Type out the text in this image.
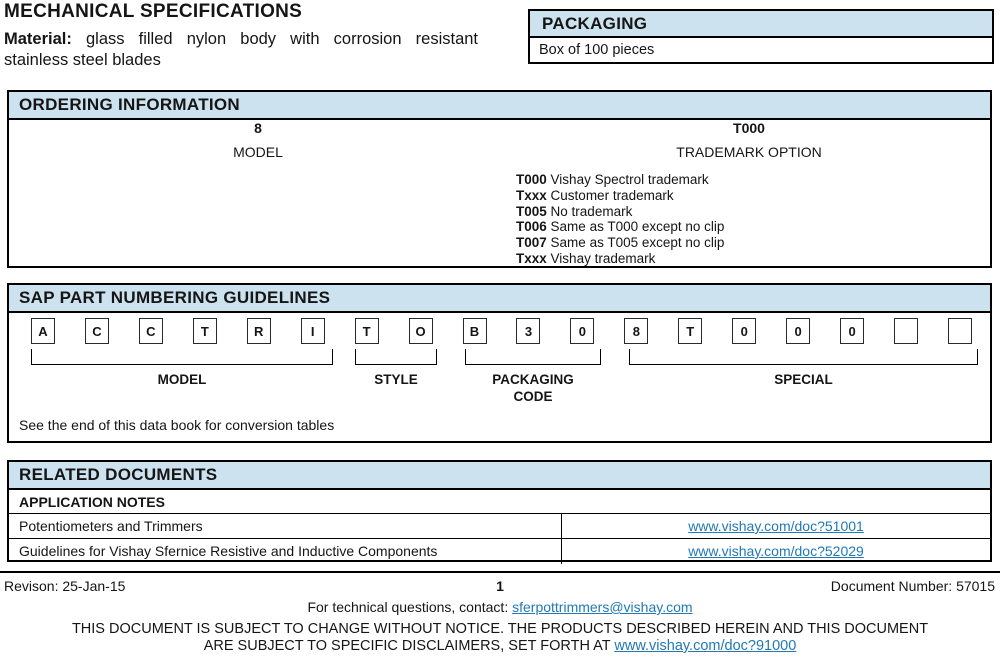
MECHANICAL SPECIFICATIONS
Material: glass filled nylon body with corrosion resistant stainless steel blades
PACKAGING
Box of 100 pieces
ORDERING INFORMATION
8
MODEL
T000
TRADEMARK OPTION
T000 Vishay Spectrol trademark
Txxx Customer trademark
T005 No trademark
T006 Same as T000 except no clip
T007 Same as T005 except no clip
Txxx Vishay trademark
SAP PART NUMBERING GUIDELINES
A	C	C	T	R	I	T	O	B	3	0	8	T	0	0	0
MODEL	STYLE	PACKAGING CODE
SPECIAL
See the end of this data book for conversion tables
RELATED DOCUMENTS
APPLICATION NOTES
Potentiometers and Trimmers	www.vishay.com/doc?51001
Guidelines for Vishay Sfernice Resistive and Inductive Components	www.vishay.com/doc?52029
Revison: 25-Jan-15	1	Document Number: 57015
For technical questions, contact: sferpottrimmers@vishay.com
THIS DOCUMENT IS SUBJECT TO CHANGE WITHOUT NOTICE. THE PRODUCTS DESCRIBED HEREIN AND THIS DOCUMENT
ARE SUBJECT TO SPECIFIC DISCLAIMERS, SET FORTH AT www.vishay.com/doc?91000
